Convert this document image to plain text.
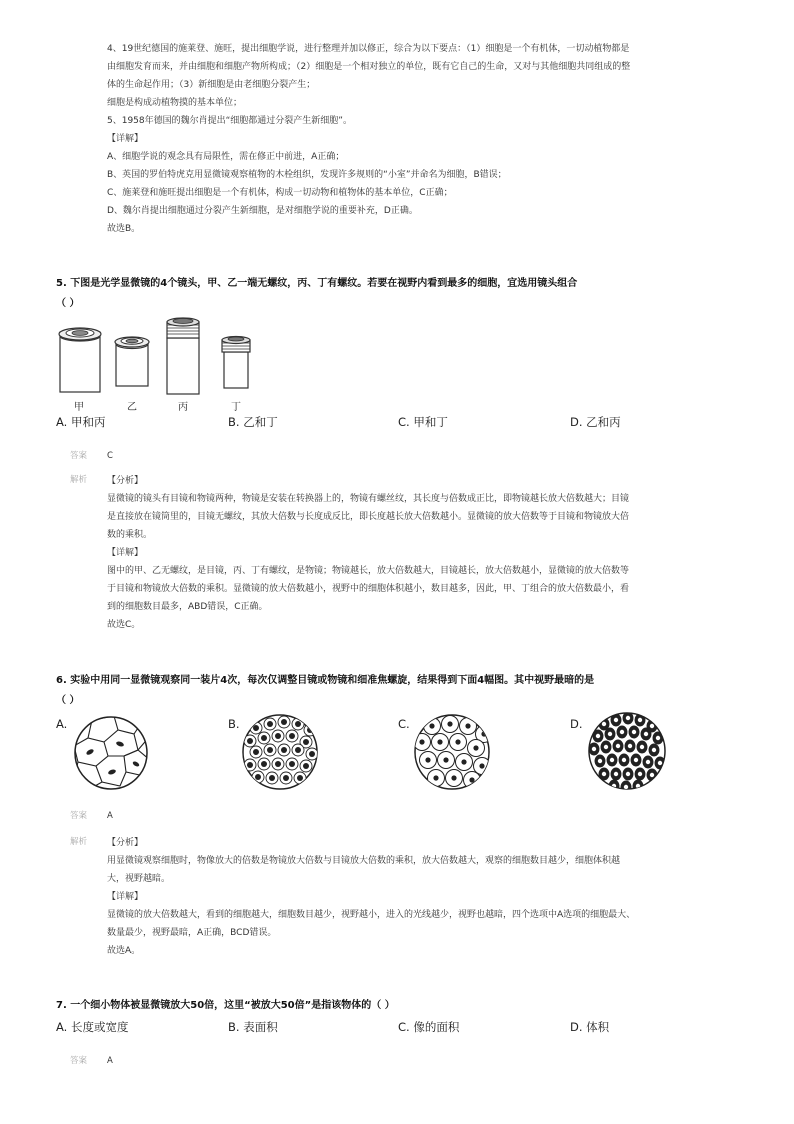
4、19世纪德国的施莱登、施旺，提出细胞学说，进行整理并加以修正，综合为以下要点：（1）细胞是一个有机体，一切动植物都是
由细胞发育而来，并由细胞和细胞产物所构成；（2）细胞是一个相对独立的单位，既有它自己的生命，又对与其他细胞共同组成的整
体的生命起作用；（3）新细胞是由老细胞分裂产生；
细胞是构成动植物摸的基本单位；
5、1958年德国的魏尔肖提出“细胞都通过分裂产生新细胞”。
【详解】
A、细胞学说的观念具有局限性，需在修正中前进，A正确；
B、英国的罗伯特虎克用显微镜观察植物的木栓组织，发现许多规则的“小室”并命名为细胞，B错误；
C、施莱登和施旺提出细胞是一个有机体，构成一切动物和植物体的基本单位，C正确；
D、魏尔肖提出细胞通过分裂产生新细胞，是对细胞学说的重要补充，D正确。
故选B。
5. 下图是光学显微镜的4个镜头，甲、乙一端无螺纹，丙、丁有螺纹。若要在视野内看到最多的细胞，宜选用镜头组合
（ ）
甲	乙	丙	丁
A. 甲和丙	B. 乙和丁	C. 甲和丁	D. 乙和丙
答案 C
解析 【分析】
显微镜的镜头有目镜和物镜两种，物镜是安装在转换器上的，物镜有螺丝纹，其长度与倍数成正比，即物镜越长放大倍数越大；目镜
是直接放在镜筒里的，目镜无螺纹，其放大倍数与长度成反比，即长度越长放大倍数越小。显微镜的放大倍数等于目镜和物镜放大倍
数的乘积。
【详解】
图中的甲、乙无螺纹，是目镜，丙、丁有螺纹，是物镜；物镜越长，放大倍数越大，目镜越长，放大倍数越小，显微镜的放大倍数等
于目镜和物镜放大倍数的乘积。显微镜的放大倍数越小，视野中的细胞体积越小，数目越多，因此，甲、丁组合的放大倍数最小，看
到的细胞数目最多，ABD错误，C正确。
故选C。
6. 实验中用同一显微镜观察同一装片4次，每次仅调整目镜或物镜和细准焦螺旋，结果得到下面4幅图。其中视野最暗的是
（ ）
A.	B.	C.	D.
答案 A
解析 【分析】
用显微镜观察细胞时，物像放大的倍数是物镜放大倍数与目镜放大倍数的乘积，放大倍数越大，观察的细胞数目越少，细胞体积越
大，视野越暗。
【详解】
显微镜的放大倍数越大，看到的细胞越大，细胞数目越少，视野越小，进入的光线越少，视野也越暗，四个选项中A选项的细胞最大、
数量最少，视野最暗，A正确，BCD错误。
故选A。
7. 一个细小物体被显微镜放大50倍，这里“被放大50倍”是指该物体的（ ）
A. 长度或宽度	B. 表面积	C. 像的面积	D. 体积
答案 A
